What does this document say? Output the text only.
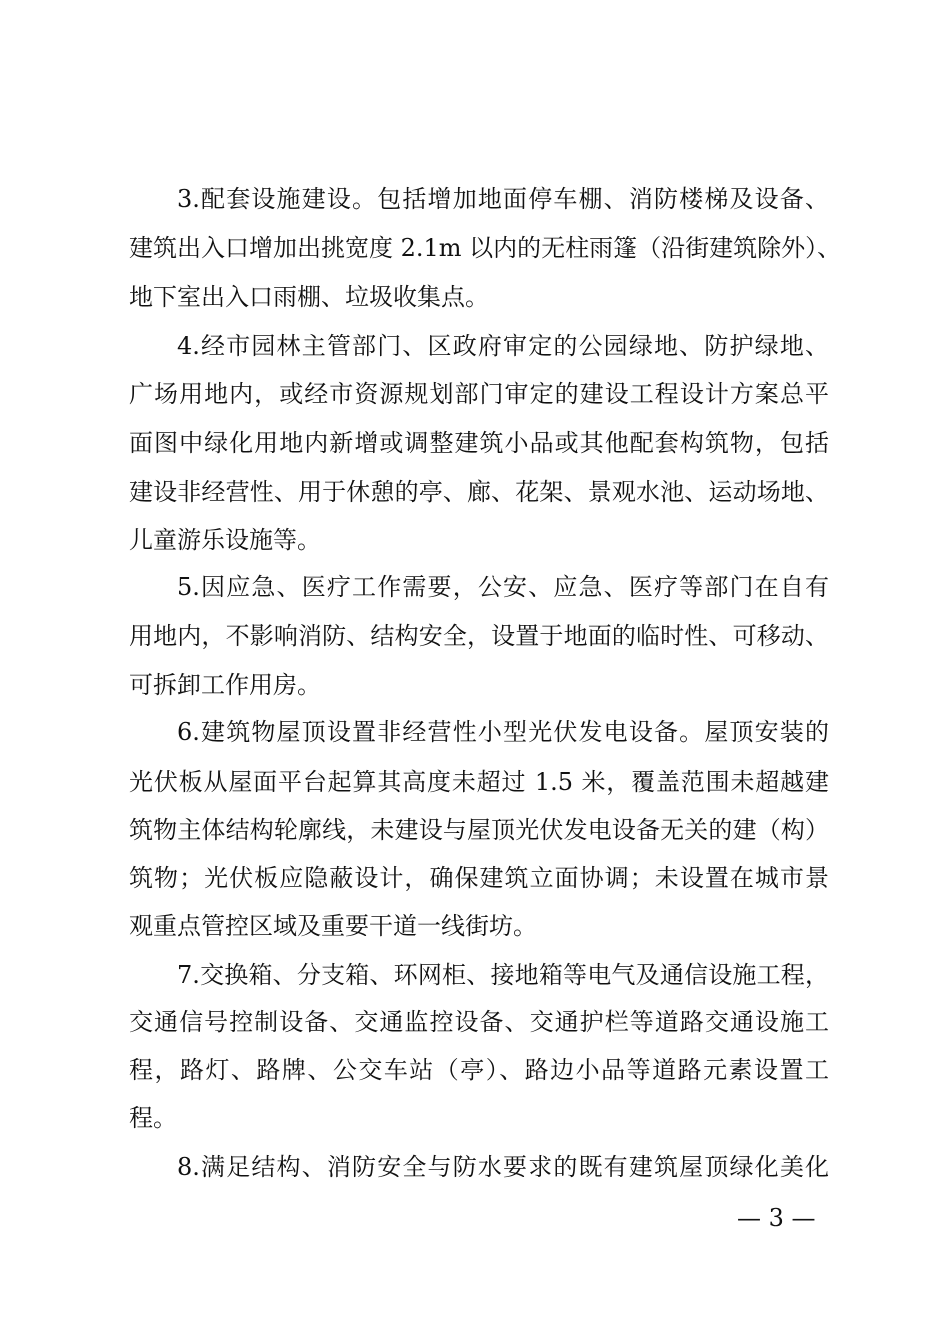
3.配套设施建设。包括增加地面停车棚、消防楼梯及设备、
建筑出入口增加出挑宽度 2.1m 以内的无柱雨篷（沿街建筑除外）、
地下室出入口雨棚、垃圾收集点。
4.经市园林主管部门、区政府审定的公园绿地、防护绿地、
广场用地内，或经市资源规划部门审定的建设工程设计方案总平
面图中绿化用地内新增或调整建筑小品或其他配套构筑物，包括
建设非经营性、用于休憩的亭、廊、花架、景观水池、运动场地、
儿童游乐设施等。
5.因应急、医疗工作需要，公安、应急、医疗等部门在自有
用地内，不影响消防、结构安全，设置于地面的临时性、可移动、
可拆卸工作用房。
6.建筑物屋顶设置非经营性小型光伏发电设备。屋顶安装的
光伏板从屋面平台起算其高度未超过 1.5 米，覆盖范围未超越建
筑物主体结构轮廓线，未建设与屋顶光伏发电设备无关的建（构）
筑物；光伏板应隐蔽设计，确保建筑立面协调；未设置在城市景
观重点管控区域及重要干道一线街坊。
7.交换箱、分支箱、环网柜、接地箱等电气及通信设施工程，
交通信号控制设备、交通监控设备、交通护栏等道路交通设施工
程，路灯、路牌、公交车站（亭）、路边小品等道路元素设置工
程。
8.满足结构、消防安全与防水要求的既有建筑屋顶绿化美化
— 3 —
